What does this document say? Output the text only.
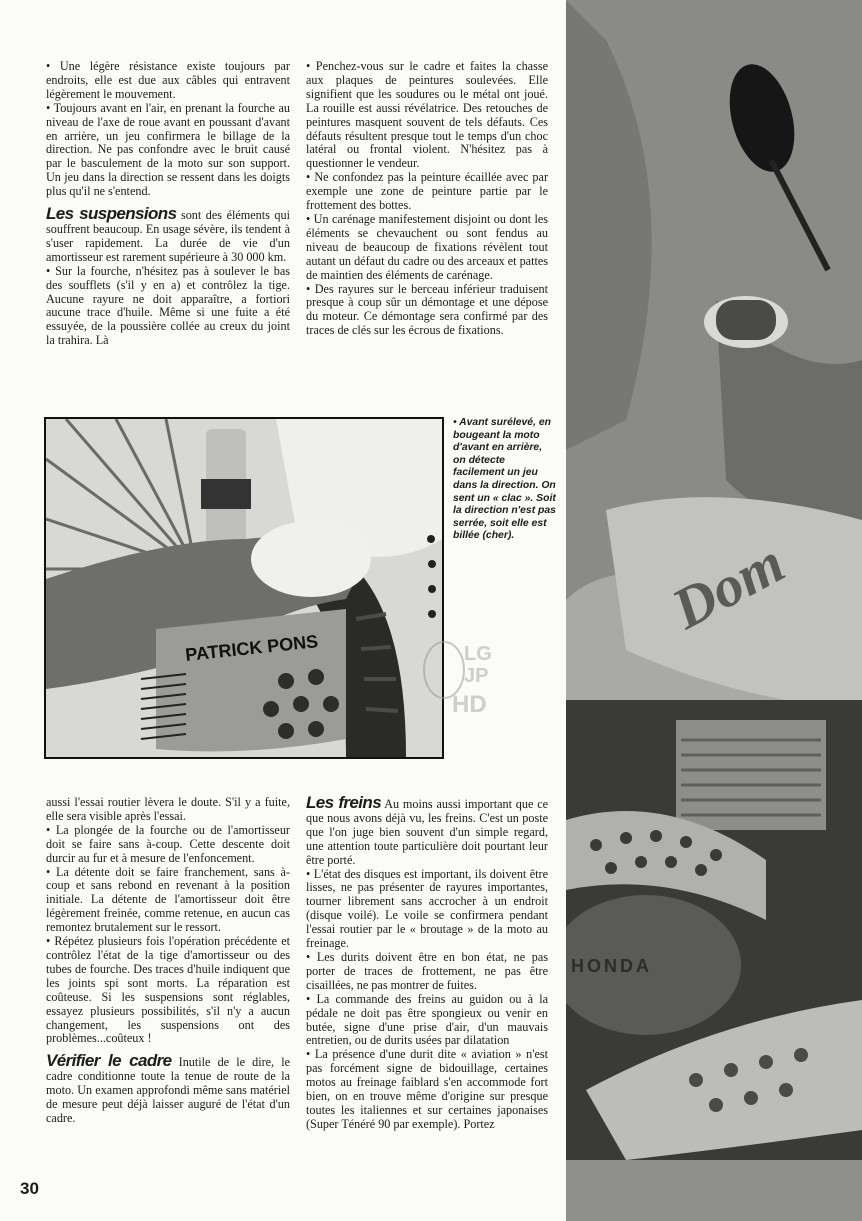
Dom
HONDA

• Une légère résistance existe toujours par endroits, elle est due aux câbles qui entravent légèrement le mouvement.

• Toujours avant en l'air, en prenant la fourche au niveau de l'axe de roue avant en poussant d'avant en arrière, un jeu confirmera le billage de la direction. Ne pas confondre avec le bruit causé par le basculement de la moto sur son support. Un jeu dans la direction se ressent dans les doigts plus qu'il ne s'entend.

Les suspensions sont des éléments qui souffrent beaucoup. En usage sévère, ils tendent à s'user rapidement. La durée de vie d'un amortisseur est rarement supérieure à 30 000 km.

• Sur la fourche, n'hésitez pas à soulever le bas des soufflets (s'il y en a) et contrôlez la tige. Aucune rayure ne doit apparaître, a fortiori aucune trace d'huile. Même si une fuite a été essuyée, de la poussière collée au creux du joint la trahira. Là

• Penchez-vous sur le cadre et faites la chasse aux plaques de peintures soulevées. Elle signifient que les soudures ou le métal ont joué. La rouille est aussi révélatrice. Des retouches de peintures masquent souvent de tels défauts. Ces défauts résultent presque tout le temps d'un choc latéral ou frontal violent. N'hésitez pas à questionner le vendeur.

• Ne confondez pas la peinture écaillée avec par exemple une zone de peinture partie par le frottement des bottes.

• Un carénage manifestement disjoint ou dont les éléments se chevauchent ou sont fendus au niveau de beaucoup de fixations révèlent tout autant un défaut du cadre ou des arceaux et pattes de maintien des éléments de carénage.

• Des rayures sur le berceau inférieur traduisent presque à coup sûr un démontage et une dépose du moteur. Ce démontage sera confirmé par des traces de clés sur les écrous de fixations.

PATRICK PONS
• Avant surélevé, en bougeant la moto d'avant en arrière, on détecte facilement un jeu dans la direction. On sent un « clac ». Soit la direction n'est pas serrée, soit elle est billée (cher).
LG
JP
HD

aussi l'essai routier lèvera le doute. S'il y a fuite, elle sera visible après l'essai.

• La plongée de la fourche ou de l'amortisseur doit se faire sans à-coup. Cette descente doit durcir au fur et à mesure de l'enfoncement.

• La détente doit se faire franchement, sans à-coup et sans rebond en revenant à la position initiale. La détente de l'amortisseur doit être légèrement freinée, comme retenue, en aucun cas remontez brutalement sur le ressort.

• Répétez plusieurs fois l'opération précédente et contrôlez l'état de la tige d'amortisseur ou des tubes de fourche. Des traces d'huile indiquent que les joints spi sont morts. La réparation est coûteuse. Si les suspensions sont réglables, essayez plusieurs possibilités, s'il n'y a aucun changement, les suspensions ont des problèmes...coûteux !

Vérifier le cadre Inutile de le dire, le cadre conditionne toute la tenue de route de la moto. Un examen approfondi même sans matériel de mesure peut déjà laisser auguré de l'état d'un cadre.

Les freins Au moins aussi important que ce que nous avons déjà vu, les freins. C'est un poste que l'on juge bien souvent d'un simple regard, une attention toute particulière doit pourtant leur être porté.

• L'état des disques est important, ils doivent être lisses, ne pas présenter de rayures importantes, tourner librement sans accrocher à un endroit (disque voilé). Le voile se confirmera pendant l'essai routier par le « broutage » de la moto au freinage.

• Les durits doivent être en bon état, ne pas porter de traces de frottement, ne pas être cisaillées, ne pas montrer de fuites.

• La commande des freins au guidon ou à la pédale ne doit pas être spongieux ou venir en butée, signe d'une prise d'air, d'un mauvais entretien, ou de durits usées par dilatation

• La présence d'une durit dite « aviation » n'est pas forcément signe de bidouillage, certaines motos au freinage faiblard s'en accommode fort bien, on en trouve même d'origine sur presque toutes les italiennes et sur certaines japonaises (Super Ténéré 90 par exemple). Portez

30
